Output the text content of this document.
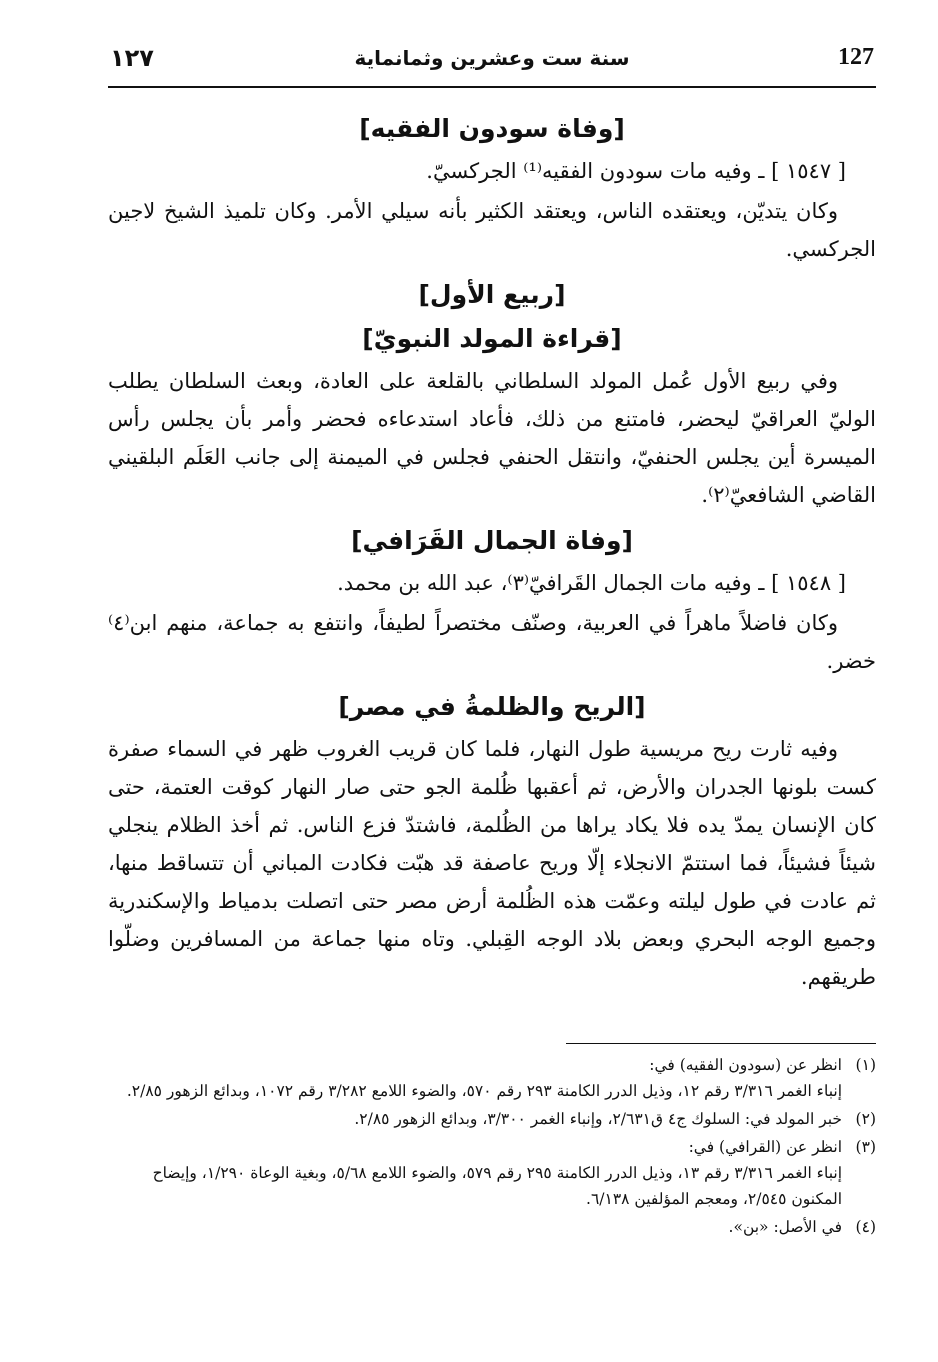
١٢٧	سنة ست وعشرين وثمانماية	127
[وفاة سودون الفقيه]

[ ١٥٤٧ ] ـ وفيه مات سودون الفقيه⁽¹⁾ الجركسيّ.

وكان يتديّن، ويعتقده الناس، ويعتقد الكثير بأنه سيلي الأمر. وكان تلميذ الشيخ لاجين الجركسي.

[ربيع الأول]
[قراءة المولد النبويّ]

وفي ربيع الأول عُمل المولد السلطاني بالقلعة على العادة، وبعث السلطان يطلب الوليّ العراقيّ ليحضر، فامتنع من ذلك، فأعاد استدعاءه فحضر وأمر بأن يجلس رأس الميسرة أين يجلس الحنفيّ، وانتقل الحنفي فجلس في الميمنة إلى جانب العَلَم البلقيني القاضي الشافعيّ⁽٢⁾.

[وفاة الجمال القَرَافي]

[ ١٥٤٨ ] ـ وفيه مات الجمال القَرافيّ⁽٣⁾، عبد الله بن محمد.

وكان فاضلاً ماهراً في العربية، وصنّف مختصراً لطيفاً، وانتفع به جماعة، منهم ابن⁽٤⁾ خضر.

[الريح والظلمةُ في مصر]

وفيه ثارت ريح مريسية طول النهار، فلما كان قريب الغروب ظهر في السماء صفرة كست بلونها الجدران والأرض، ثم أعقبها ظُلمة الجو حتى صار النهار كوقت العتمة، حتى كان الإنسان يمدّ يده فلا يكاد يراها من الظُلمة، فاشتدّ فزع الناس. ثم أخذ الظلام ينجلي شيئاً فشيئاً، فما استتمّ الانجلاء إلّا وريح عاصفة قد هبّت فكادت المباني أن تتساقط منها، ثم عادت في طول ليلته وعمّت هذه الظُلمة أرض مصر حتى اتصلت بدمياط والإسكندرية وجميع الوجه البحري وبعض بلاد الوجه القِبلي. وتاه منها جماعة من المسافرين وضلّوا طريقهم.

(١)انظر عن (سودون الفقيه) في:
إنباء الغمر ٣/٣١٦ رقم ١٢، وذيل الدرر الكامنة ٢٩٣ رقم ٥٧٠، والضوء اللامع ٣/٢٨٢ رقم ١٠٧٢، وبدائع الزهور ٢/٨٥.
(٢)خبر المولد في: السلوك ج٤ ق٢/٦٣١، وإنباء الغمر ٣/٣٠٠، وبدائع الزهور ٢/٨٥.
(٣)انظر عن (القرافي) في:
إنباء الغمر ٣/٣١٦ رقم ١٣، وذيل الدرر الكامنة ٢٩٥ رقم ٥٧٩، والضوء اللامع ٥/٦٨، وبغية الوعاة ١/٢٩٠، وإيضاح المكنون ٢/٥٤٥، ومعجم المؤلفين ٦/١٣٨.
(٤)في الأصل: «بن».
